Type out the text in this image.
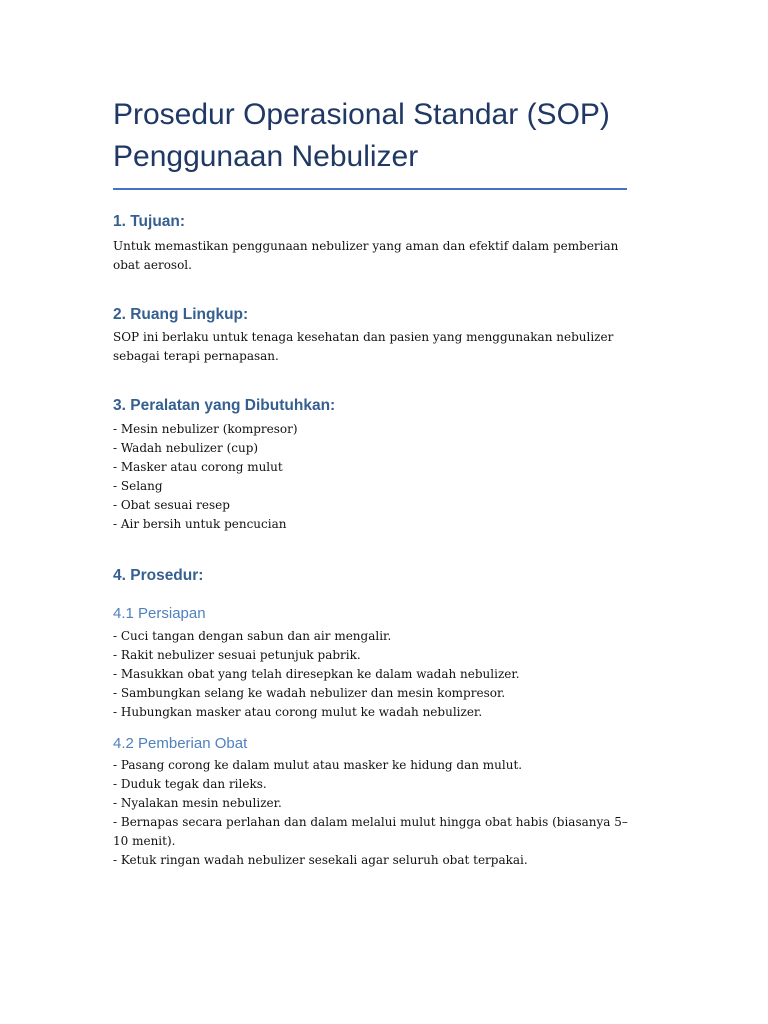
Prosedur Operasional Standar (SOP)
Penggunaan Nebulizer
1. Tujuan:

Untuk memastikan penggunaan nebulizer yang aman dan efektif dalam pemberian obat aerosol.

2. Ruang Lingkup:

SOP ini berlaku untuk tenaga kesehatan dan pasien yang menggunakan nebulizer sebagai terapi pernapasan.

3. Peralatan yang Dibutuhkan:
- Mesin nebulizer (kompresor)
- Wadah nebulizer (cup)
- Masker atau corong mulut
- Selang
- Obat sesuai resep
- Air bersih untuk pencucian
4. Prosedur:
4.1 Persiapan
- Cuci tangan dengan sabun dan air mengalir.
- Rakit nebulizer sesuai petunjuk pabrik.
- Masukkan obat yang telah diresepkan ke dalam wadah nebulizer.
- Sambungkan selang ke wadah nebulizer dan mesin kompresor.
- Hubungkan masker atau corong mulut ke wadah nebulizer.
4.2 Pemberian Obat
- Pasang corong ke dalam mulut atau masker ke hidung dan mulut.
- Duduk tegak dan rileks.
- Nyalakan mesin nebulizer.
- Bernapas secara perlahan dan dalam melalui mulut hingga obat habis (biasanya 5–10 menit).
- Ketuk ringan wadah nebulizer sesekali agar seluruh obat terpakai.
